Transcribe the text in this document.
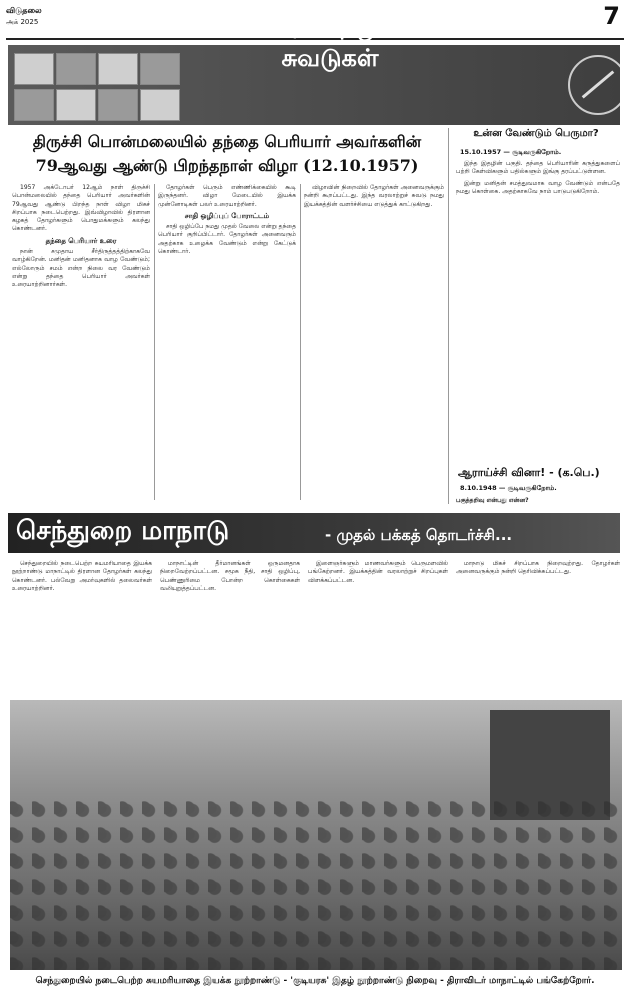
விடுதலை
அக் 2025	7
வரலாற்றுச்
சுவடுகள்
திருச்சி பொன்மலையில் தந்தை பெரியார் அவர்களின்
79ஆவது ஆண்டு பிறந்தநாள் விழா (12.10.1957)

1957 அக்டோபர் 12ஆம் நாள் திருச்சி பொன்மலையில் தந்தை பெரியார் அவர்களின் 79ஆவது ஆண்டு பிறந்த நாள் விழா மிகச் சிறப்பாக நடைபெற்றது. இவ்விழாவில் திரளான கழகத் தோழர்களும் பொதுமக்களும் கலந்து கொண்டனர்.

தந்தை பெரியார் உரை

நான் சமுதாய சீர்திருத்தத்திற்காகவே வாழ்கிறேன். மனிதன் மனிதனாக வாழ வேண்டும்; எல்லோரும் சமம் என்ற நிலை வர வேண்டும் என்று தந்தை பெரியார் அவர்கள் உரையாற்றினார்கள்.

தோழர்கள் பெரும் எண்ணிக்கையில் கூடி இருந்தனர். விழா மேடையில் இயக்க முன்னோடிகள் பலர் உரையாற்றினர்.

சாதி ஒழிப்புப் போராட்டம்

சாதி ஒழிப்பே நமது முதல் வேலை என்று தந்தை பெரியார் குறிப்பிட்டார். தோழர்கள் அனைவரும் அதற்காக உழைக்க வேண்டும் என்று கேட்டுக் கொண்டார்.

விழாவின் நிறைவில் தோழர்கள் அனைவருக்கும் நன்றி கூறப்பட்டது. இந்த வரலாற்றுச் சுவடு நமது இயக்கத்தின் வளர்ச்சியை எடுத்துக் காட்டுகிறது.

உன்ன வேண்டும் பெருமா?
15.10.1957 — சூடிவருகிறோம்.

இந்த இதழின் பகுதி. தந்தை பெரியாரின் கருத்துகளைப் பற்றி கேள்விகளும் பதில்களும் இங்கு தரப்பட்டுள்ளன.

இன்று மனிதன் சமத்துவமாக வாழ வேண்டும் என்பதே நமது கொள்கை. அதற்காகவே நாம் பாடுபடுகிறோம்.

ஆராய்ச்சி வினா! - (க.பெ.)
8.10.1948 — சூடிவருகிறோம்.
பகுத்தறிவு என்பது என்ன?
செந்துறை மாநாடு	- முதல் பக்கத் தொடர்ச்சி...

செந்துறையில் நடைபெற்ற சுயமரியாதை இயக்க நூற்றாண்டு மாநாட்டில் திரளான தோழர்கள் கலந்து கொண்டனர். பல்வேறு அமர்வுகளில் தலைவர்கள் உரையாற்றினர்.

மாநாட்டின் தீர்மானங்கள் ஒருமனதாக நிறைவேற்றப்பட்டன. சமூக நீதி, சாதி ஒழிப்பு, பெண்ணுரிமை போன்ற கொள்கைகள் வலியுறுத்தப்பட்டன.

இளைஞர்களும் மாணவர்களும் பெருமளவில் பங்கேற்றனர். இயக்கத்தின் வரலாற்றுச் சிறப்புகள் விளக்கப்பட்டன.

மாநாடு மிகச் சிறப்பாக நிறைவுற்றது. தோழர்கள் அனைவருக்கும் நன்றி தெரிவிக்கப்பட்டது.

செந்துறையில் நடைபெற்ற சுயமரியாதை இயக்க நூற்றாண்டு - 'குடியரசு' இதழ் நூற்றாண்டு நிறைவு - திராவிடர் மாநாட்டில் பங்கேற்றோர்.
